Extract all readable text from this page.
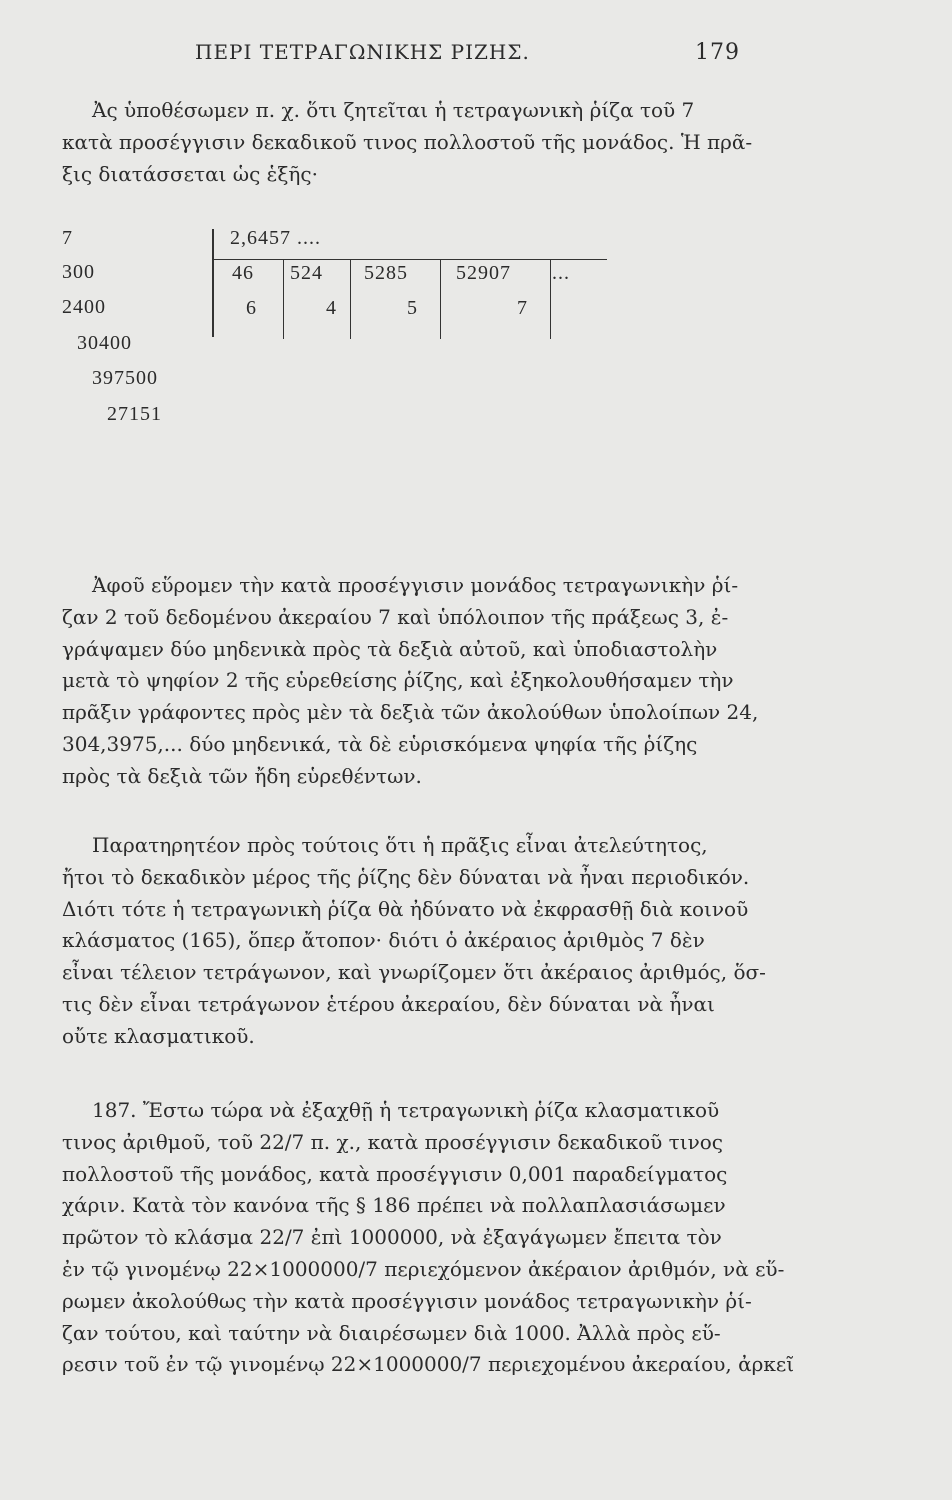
ΠΕΡΙ ΤΕΤΡΑΓΩΝΙΚΗΣ ΡΙΖΗΣ.	179
Ἀς ὑποθέσωμεν π. χ. ὅτι ζητεῖται ἡ τετραγωνικὴ ῥίζα τοῦ 7
κατὰ προσέγγισιν δεκαδικοῦ τινος πολλοστοῦ τῆς μονάδος. Ἡ πρᾶ-
ξις διατάσσεται ὡς ἑξῆς·
7
300
2400
30400
397500
27151
2,6457 ....
46 524 5285 52907 ...
6	4	5	7
Ἀφοῦ εὕρομεν τὴν κατὰ προσέγγισιν μονάδος τετραγωνικὴν ῥί-
ζαν 2 τοῦ δεδομένου ἀκεραίου 7 καὶ ὑπόλοιπον τῆς πράξεως 3, ἐ-
γράψαμεν δύο μηδενικὰ πρὸς τὰ δεξιὰ αὐτοῦ, καὶ ὑποδιαστολὴν
μετὰ τὸ ψηφίον 2 τῆς εὑρεθείσης ῥίζης, καὶ ἐξηκολουθήσαμεν τὴν
πρᾶξιν γράφοντες πρὸς μὲν τὰ δεξιὰ τῶν ἀκολούθων ὑπολοίπων 24,
304,3975,... δύο μηδενικά, τὰ δὲ εὑρισκόμενα ψηφία τῆς ῥίζης
πρὸς τὰ δεξιὰ τῶν ἤδη εὑρεθέντων.
Παρατηρητέον πρὸς τούτοις ὅτι ἡ πρᾶξις εἶναι ἀτελεύτητος,
ἤτοι τὸ δεκαδικὸν μέρος τῆς ῥίζης δὲν δύναται νὰ ἦναι περιοδικόν.
Διότι τότε ἡ τετραγωνικὴ ῥίζα θὰ ἠδύνατο νὰ ἐκφρασθῇ διὰ κοινοῦ
κλάσματος (165), ὅπερ ἄτοπον· διότι ὁ ἀκέραιος ἀριθμὸς 7 δὲν
εἶναι τέλειον τετράγωνον, καὶ γνωρίζομεν ὅτι ἀκέραιος ἀριθμός, ὅσ-
τις δὲν εἶναι τετράγωνον ἑτέρου ἀκεραίου, δὲν δύναται νὰ ἦναι
οὔτε κλασματικοῦ.
187. Ἔστω τώρα νὰ ἐξαχθῇ ἡ τετραγωνικὴ ῥίζα κλασματικοῦ
τινος ἀριθμοῦ, τοῦ 22/7 π. χ., κατὰ προσέγγισιν δεκαδικοῦ τινος
πολλοστοῦ τῆς μονάδος, κατὰ προσέγγισιν 0,001 παραδείγματος
χάριν. Κατὰ τὸν κανόνα τῆς § 186 πρέπει νὰ πολλαπλασιάσωμεν
πρῶτον τὸ κλάσμα 22/7 ἐπὶ 1000000, νὰ ἐξαγάγωμεν ἔπειτα τὸν
ἐν τῷ γινομένῳ 22×1000000/7 περιεχόμενον ἀκέραιον ἀριθμόν, νὰ εὕ-
ρωμεν ἀκολούθως τὴν κατὰ προσέγγισιν μονάδος τετραγωνικὴν ῥί-
ζαν τούτου, καὶ ταύτην νὰ διαιρέσωμεν διὰ 1000. Ἀλλὰ πρὸς εὕ-
ρεσιν τοῦ ἐν τῷ γινομένῳ 22×1000000/7 περιεχομένου ἀκεραίου, ἀρκεῖ
